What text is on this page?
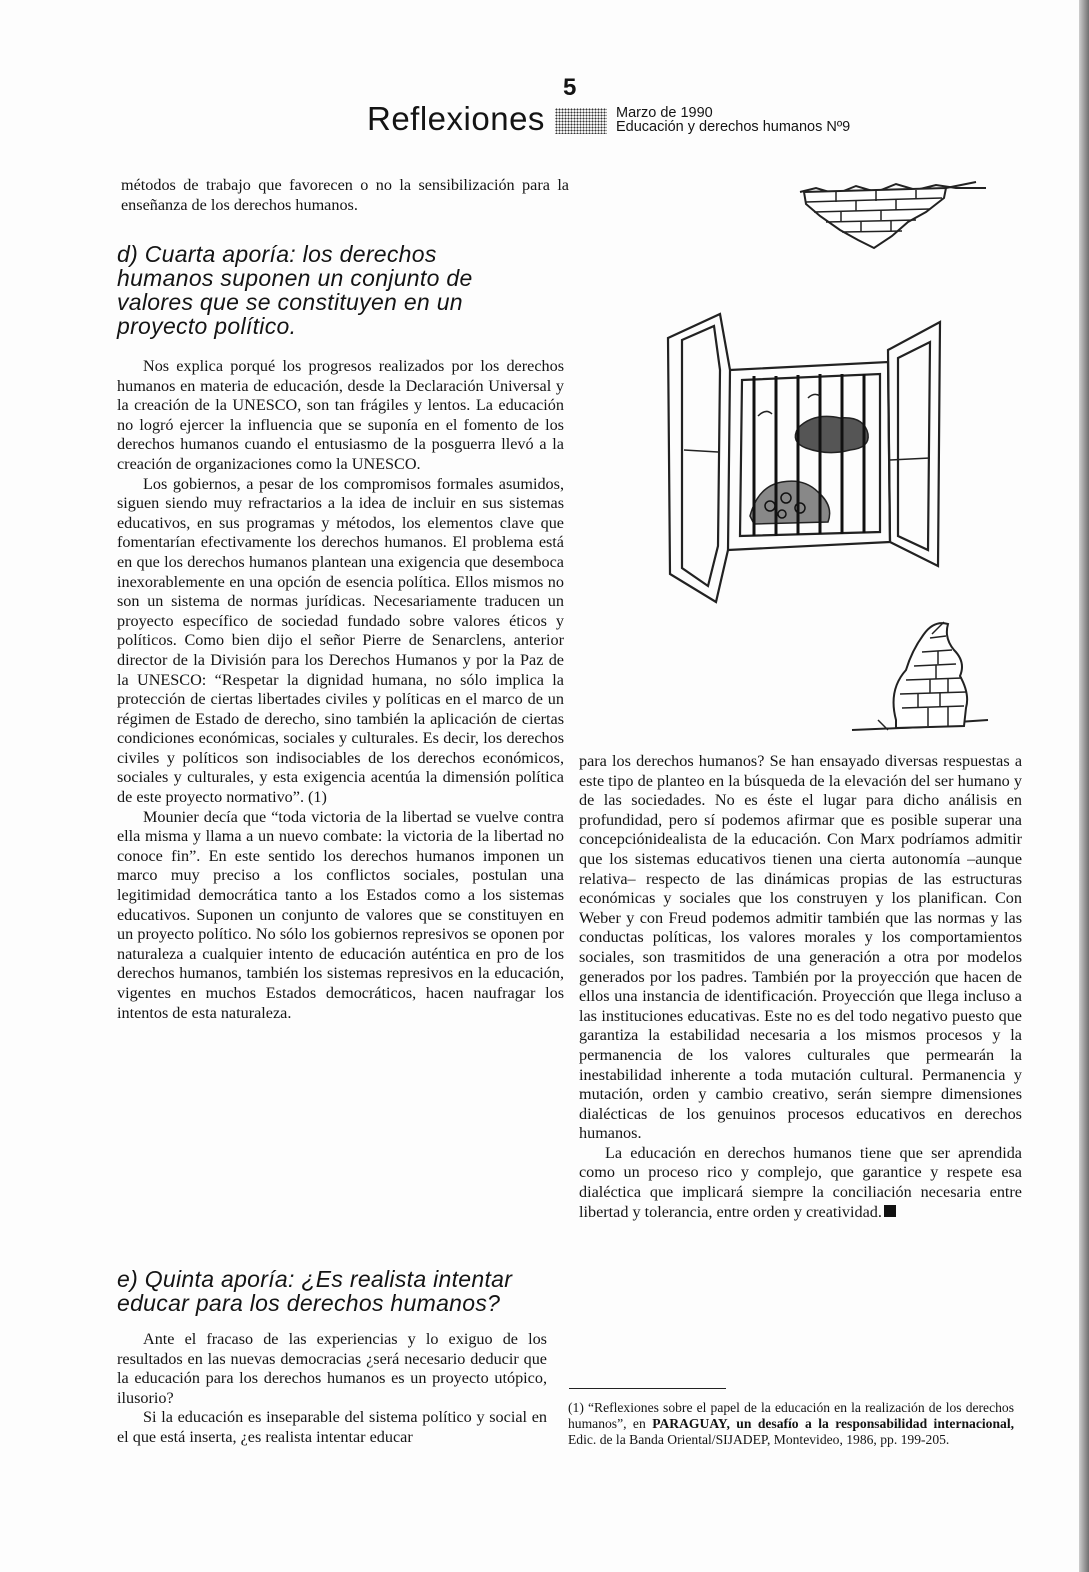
5
Reflexiones	Marzo de 1990
Educación y derechos humanos Nº9

métodos de trabajo que favorecen o no la sensibilización para la enseñanza de los derechos humanos.

d) Cuarta aporía: los derechos humanos suponen un conjunto de valores que se constituyen en un proyecto político.

Nos explica porqué los progresos realizados por los derechos humanos en materia de educación, desde la Declaración Universal y la creación de la UNESCO, son tan frágiles y lentos. La educación no logró ejercer la influencia que se suponía en el fomento de los derechos humanos cuando el entusiasmo de la posguerra llevó a la creación de organizaciones como la UNESCO.

Los gobiernos, a pesar de los compromisos formales asumidos, siguen siendo muy refractarios a la idea de incluir en sus sistemas educativos, en sus programas y métodos, los elementos clave que fomentarían efectivamente los derechos humanos. El problema está en que los derechos humanos plantean una exigencia que desemboca inexorablemente en una opción de esencia política. Ellos mismos no son un sistema de normas jurídicas. Necesariamente traducen un proyecto específico de sociedad fundado sobre valores éticos y políticos. Como bien dijo el señor Pierre de Senarclens, anterior director de la División para los Derechos Humanos y por la Paz de la UNESCO: “Respetar la dignidad humana, no sólo implica la protección de ciertas libertades civiles y políticas en el marco de un régimen de Estado de derecho, sino también la aplicación de ciertas condiciones económicas, sociales y culturales. Es decir, los derechos civiles y políticos son indisociables de los derechos económicos, sociales y culturales, y esta exigencia acentúa la dimensión política de este proyecto normativo”. (1)

Mounier decía que “toda victoria de la libertad se vuelve contra ella misma y llama a un nuevo combate: la victoria de la libertad no conoce fin”. En este sentido los derechos humanos imponen un marco muy preciso a los conflictos sociales, postulan una legitimidad democrática tanto a los Estados como a los sistemas educativos. Suponen un conjunto de valores que se constituyen en un proyecto político. No sólo los gobiernos represivos se oponen por naturaleza a cualquier intento de educación auténtica en pro de los derechos humanos, también los sistemas represivos en la educación, vigentes en muchos Estados democráticos, hacen naufragar los intentos de esta naturaleza.

e) Quinta aporía: ¿Es realista intentar educar para los derechos humanos?

Ante el fracaso de las experiencias y lo exiguo de los resultados en las nuevas democracias ¿será necesario deducir que la educación para los derechos humanos es un proyecto utópico, ilusorio?

Si la educación es inseparable del sistema político y social en el que está inserta, ¿es realista intentar educar

para los derechos humanos? Se han ensayado diversas respuestas a este tipo de planteo en la búsqueda de la elevación del ser humano y de las sociedades. No es éste el lugar para dicho análisis en profundidad, pero sí podemos afirmar que es posible superar una concepciónidealista de la educación. Con Marx podríamos admitir que los sistemas educativos tienen una cierta autonomía –aunque relativa– respecto de las dinámicas propias de las estructuras económicas y sociales que los construyen y los planifican. Con Weber y con Freud podemos admitir también que las normas y las conductas políticas, los valores morales y los comportamientos sociales, son trasmitidos de una generación a otra por modelos generados por los padres. También por la proyección que hacen de ellos una instancia de identificación. Proyección que llega incluso a las instituciones educativas. Este no es del todo negativo puesto que garantiza la estabilidad necesaria a los mismos procesos y la permanencia de los valores culturales que permearán la inestabilidad inherente a toda mutación cultural. Permanencia y mutación, orden y cambio creativo, serán siempre dimensiones dialécticas de los genuinos procesos educativos en derechos humanos.

La educación en derechos humanos tiene que ser aprendida como un proceso rico y complejo, que garantice y respete esa dialéctica que implicará siempre la conciliación necesaria entre libertad y tolerancia, entre orden y creatividad.

(1) “Reflexiones sobre el papel de la educación en la realización de los derechos humanos”, en PARAGUAY, un desafío a la responsabilidad internacional, Edic. de la Banda Oriental/SIJADEP, Montevideo, 1986, pp. 199-205.
